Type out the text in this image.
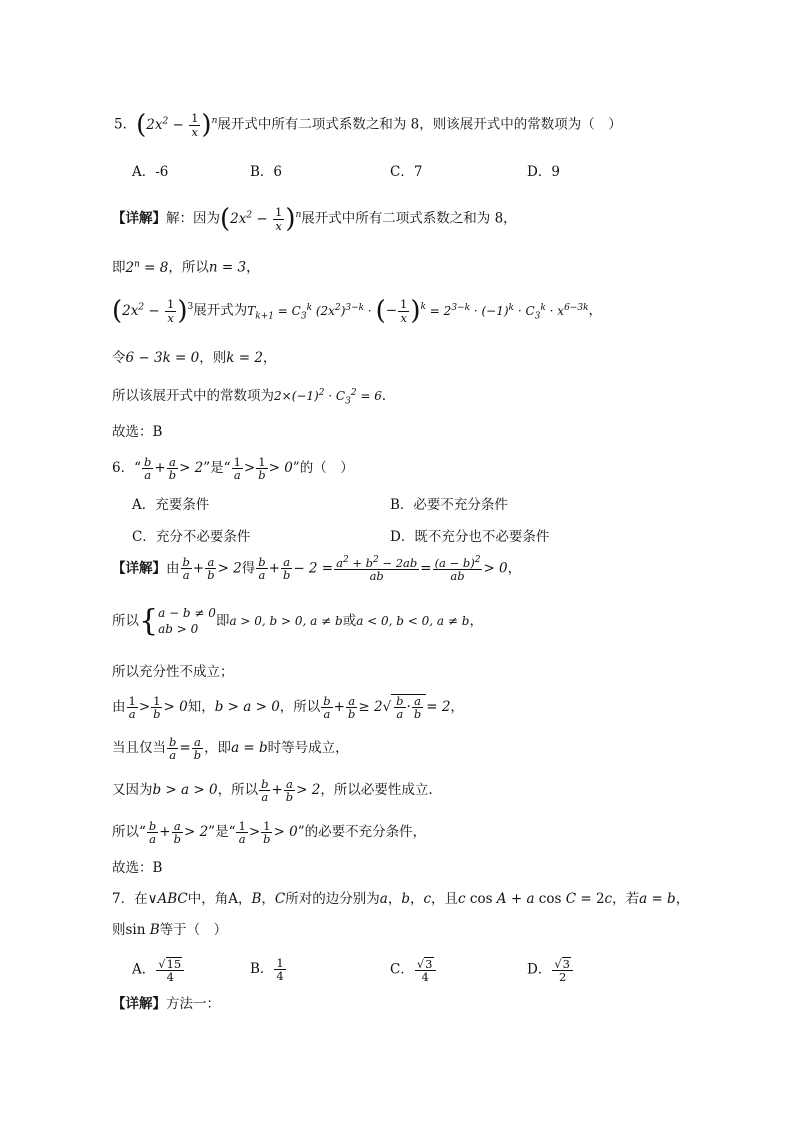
5．$(2x^2 - \frac{1}{x} )^n$展开式中所有二项式系数之和为 8，则该展开式中的常数项为（　）
A．-6	B．6	C．7	D．9
【详解】解：因为$(2x^2 - \frac{1}{x} )^n$展开式中所有二项式系数之和为 8，
即$2^n = 8$，所以n = 3，
$(2x^2 - \frac{1}{x} )^3$展开式为$T_{k+1} = C_3^k$ $(2x^2)^{3-k}$ · (− $\frac{1}{x} )^k = 2^{3-k} \cdot (-1)^k \cdot C_3^k \cdot x^{6-3k}$，
令6 − 3k = 0，则k = 2，
所以该展开式中的常数项为$2\times(-1)^2 \cdot C_3^2 = 6$．
故选：B
6．“ $\frac{b}{a} + \frac{a}{b} > 2$”是“ $\frac{1}{a} > \frac{1}{b} > 0$”的（　）
A．充要条件	B．必要不充分条件
C．充分不必要条件	D．既不充分也不必要条件
【详解】由 $\frac{b}{a} + \frac{a}{b} > 2$得 $\frac{b}{a} + \frac{a}{b} - 2 = \frac{a^2 + b^2 - 2ab}{ab} = \frac{(a - b)^2}{ab} > 0$，
所以{ a − b ≠ 0
ab > 0	即a > 0, b > 0, a ≠ b或a < 0, b < 0, a ≠ b，
所以充分性不成立；
由 $\frac{1}{a} > \frac{1}{b} > 0$知，b > a > 0，所以 $\frac{b}{a} + \frac{a}{b} \ge 2√ \frac{b}{a} \cdot \frac{a}{b} = 2$，
当且仅当 $\frac{b}{a} = \frac{a}{b}$ ，即a = b时等号成立，
又因为b > a > 0，所以 $\frac{b}{a} + \frac{a}{b} > 2$，所以必要性成立.
所以“ $\frac{b}{a} + \frac{a}{b} > 2$”是“ $\frac{1}{a} > \frac{1}{b} > 0$”的必要不充分条件，
故选：B
7．在∨ABC中，角A，B，C所对的边分别为a，b，c，且c cos A + a cos C = 2c，若a = b，
则sin B等于（　）
A． $\frac{√15}{4}$	B． $\frac{1}{4}$	C． $\frac{√3}{4}$	D． $\frac{√3}{2}$
【详解】方法一：
